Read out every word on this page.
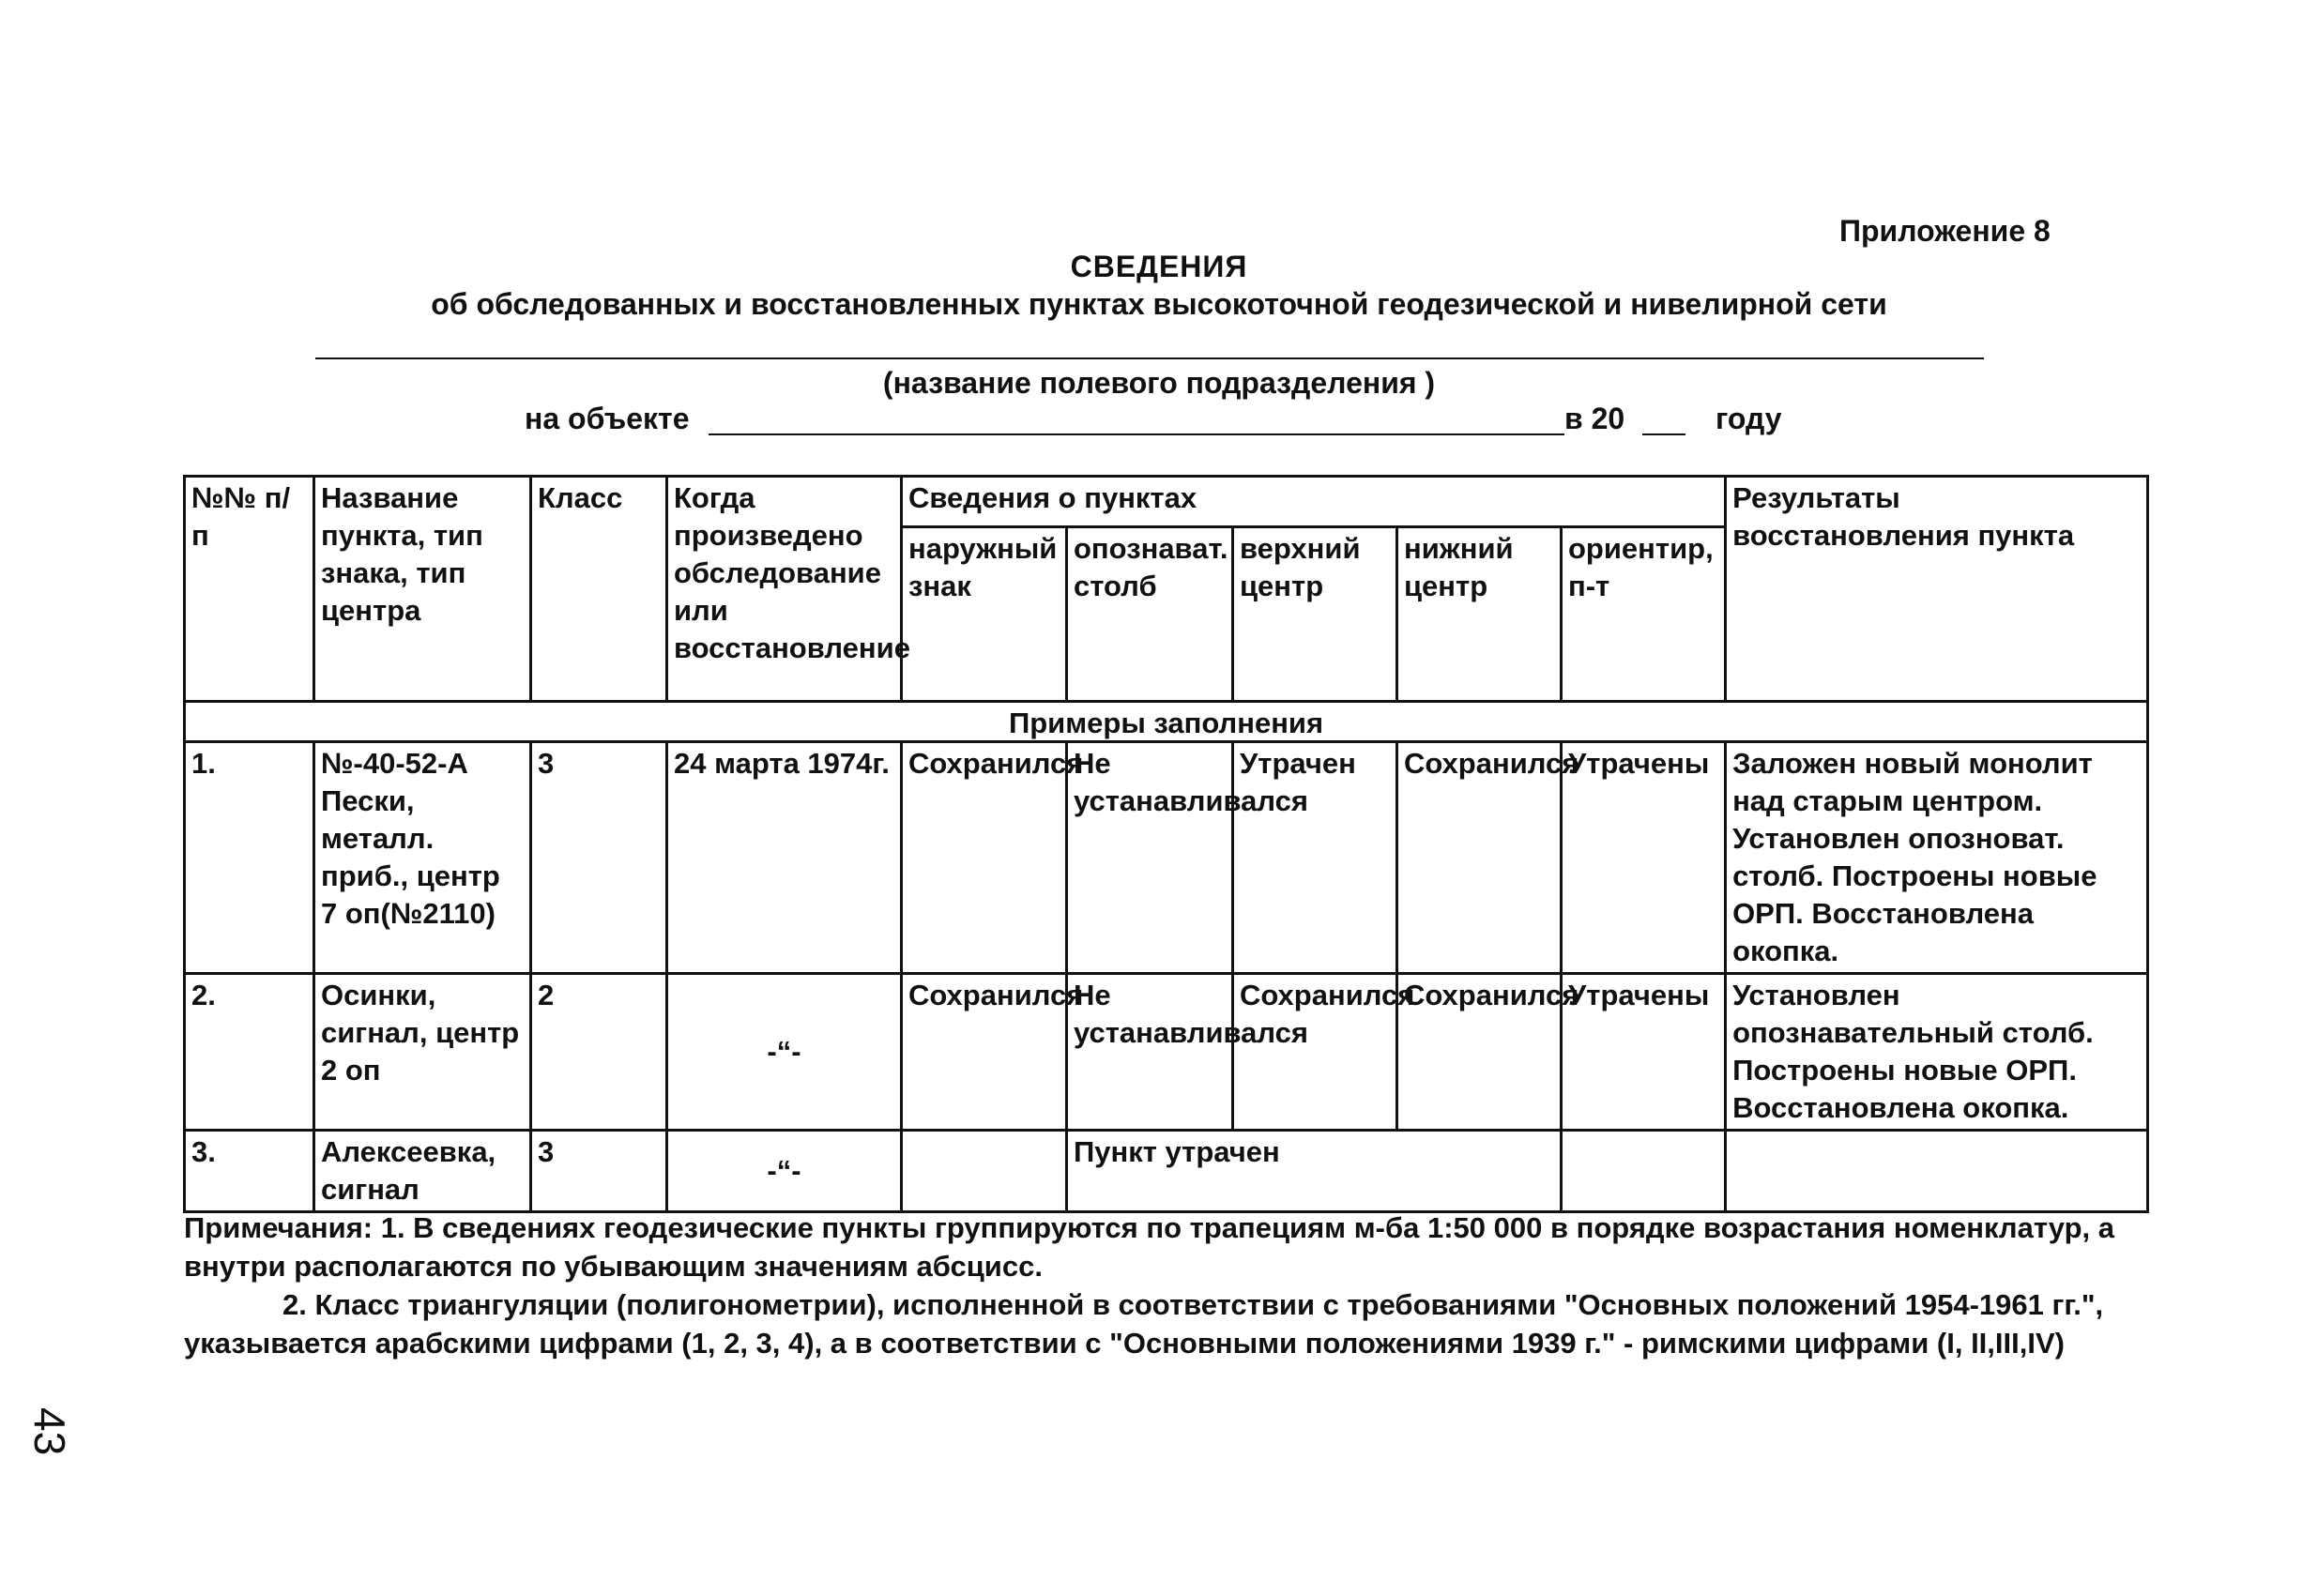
Приложение 8
СВЕДЕНИЯ
об обследованных и восстановленных пунктах высокоточной геодезической и нивелирной сети
(название полевого подразделения )
на объекте	в 20	году
№№ п/п	Название пункта, тип знака, тип центра	Класс	Когда произведено обследование или восстановление	Сведения о пунктах					Результаты восстановления пункта
				наружный знак	опознават. столб	верхний центр	нижний центр	ориентир, п-т	
Примеры заполнения									
1.	№-40-52-А Пески, металл. приб., центр 7 оп(№2110)	3	24 марта 1974г.	Сохранился	Не устанавливался	Утрачен	Сохранился	Утрачены	Заложен новый монолит над старым центром. Установлен опозноват. столб. Построены новые ОРП. Восстановлена окопка.
2.	Осинки, сигнал, центр 2 оп	2	-“-	Сохранился	Не устанавливался	Сохранился	Сохранился	Утрачены	Установлен опознавательный столб. Построены новые ОРП. Восстановлена окопка.
3.	Алексеевка, сигнал	3	-“-		Пункт утрачен				

Примечания: 1. В сведениях геодезические пункты группируются по трапециям м-ба 1:50 000 в порядке возрастания номенклатур, а внутри располагаются по убывающим значениям абсцисс.

2. Класс триангуляции (полигонометрии), исполненной в соответствии с требованиями "Основных положений 1954-1961 гг.", указывается арабскими цифрами (1, 2, 3, 4), а в соответствии с "Основными положениями 1939 г." - римскими цифрами (I, II,III,IV)

43
